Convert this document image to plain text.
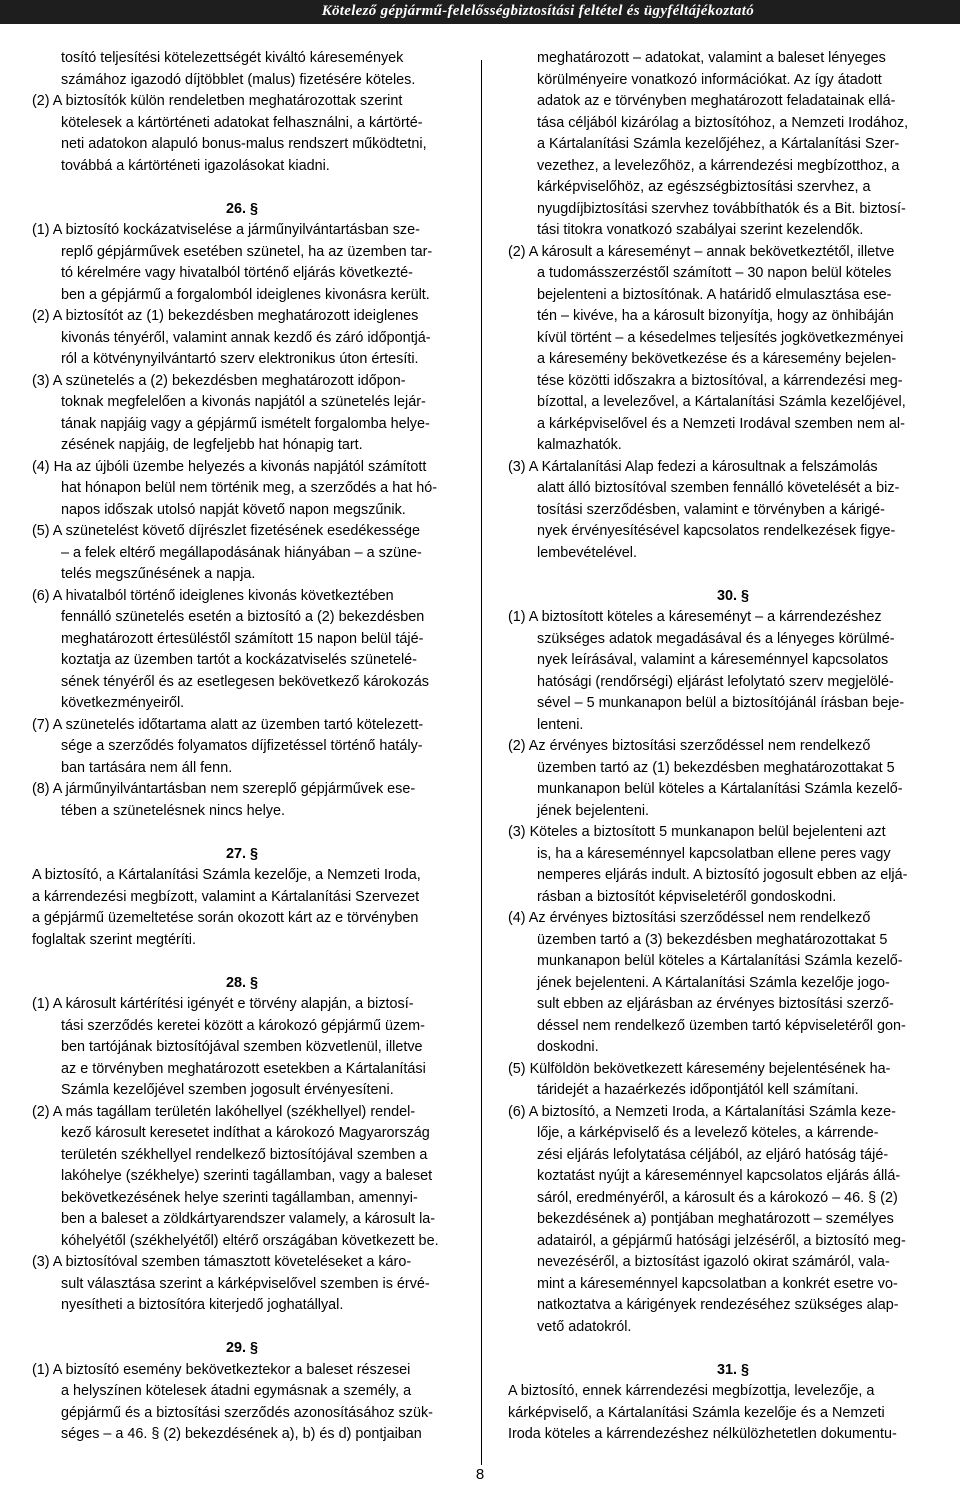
Kötelező gépjármű-felelősségbiztosítási feltétel és ügyféltájékoztató
tosító teljesítési kötelezettségét kiváltó káresemények
számához igazodó díjtöbblet (malus) fizetésére köteles.
(2) A biztosítók külön rendeletben meghatározottak szerint
kötelesek a kártörténeti adatokat felhasználni, a kártörté-
neti adatokon alapuló bonus-malus rendszert működtetni,
továbbá a kártörténeti igazolásokat kiadni.

26. §
(1) A biztosító kockázatviselése a járműnyilvántartásban sze-
replő gépjárművek esetében szünetel, ha az üzemben tar-
tó kérelmére vagy hivatalból történő eljárás következté-
ben a gépjármű a forgalomból ideiglenes kivonásra került.
(2) A biztosítót az (1) bekezdésben meghatározott ideiglenes
kivonás tényéről, valamint annak kezdő és záró időpontjá-
ról a kötvénynyilvántartó szerv elektronikus úton értesíti.
(3) A szünetelés a (2) bekezdésben meghatározott időpon-
toknak megfelelően a kivonás napjától a szünetelés lejár-
tának napjáig vagy a gépjármű ismételt forgalomba helye-
zésének napjáig, de legfeljebb hat hónapig tart.
(4) Ha az újbóli üzembe helyezés a kivonás napjától számított
hat hónapon belül nem történik meg, a szerződés a hat hó-
napos időszak utolsó napját követő napon megszűnik.
(5) A szünetelést követő díjrészlet fizetésének esedékessége
– a felek eltérő megállapodásának hiányában – a szüne-
telés megszűnésének a napja.
(6) A hivatalból történő ideiglenes kivonás következtében
fennálló szünetelés esetén a biztosító a (2) bekezdésben
meghatározott értesüléstől számított 15 napon belül tájé-
koztatja az üzemben tartót a kockázatviselés szünetelé-
sének tényéről és az esetlegesen bekövetkező károkozás
következményeiről.
(7) A szünetelés időtartama alatt az üzemben tartó kötelezett-
sége a szerződés folyamatos díjfizetéssel történő hatály-
ban tartására nem áll fenn.
(8) A járműnyilvántartásban nem szereplő gépjárművek ese-
tében a szünetelésnek nincs helye.

27. §
A biztosító, a Kártalanítási Számla kezelője, a Nemzeti Iroda,
a kárrendezési megbízott, valamint a Kártalanítási Szervezet
a gépjármű üzemeltetése során okozott kárt az e törvényben
foglaltak szerint megtéríti.

28. §
(1) A károsult kártérítési igényét e törvény alapján, a biztosí-
tási szerződés keretei között a károkozó gépjármű üzem-
ben tartójának biztosítójával szemben közvetlenül, illetve
az e törvényben meghatározott esetekben a Kártalanítási
Számla kezelőjével szemben jogosult érvényesíteni.
(2) A más tagállam területén lakóhellyel (székhellyel) rendel-
kező károsult keresetet indíthat a károkozó Magyarország
területén székhellyel rendelkező biztosítójával szemben a
lakóhelye (székhelye) szerinti tagállamban, vagy a baleset
bekövetkezésének helye szerinti tagállamban, amennyi-
ben a baleset a zöldkártyarendszer valamely, a károsult la-
kóhelyétől (székhelyétől) eltérő országában következett be.
(3) A biztosítóval szemben támasztott követeléseket a káro-
sult választása szerint a kárképviselővel szemben is érvé-
nyesítheti a biztosítóra kiterjedő joghatállyal.

29. §
(1) A biztosító esemény bekövetkeztekor a baleset részesei
a helyszínen kötelesek átadni egymásnak a személy, a
gépjármű és a biztosítási szerződés azonosításához szük-
séges – a 46. § (2) bekezdésének a), b) és d) pontjaiban
meghatározott – adatokat, valamint a baleset lényeges
körülményeire vonatkozó információkat. Az így átadott
adatok az e törvényben meghatározott feladatainak ellá-
tása céljából kizárólag a biztosítóhoz, a Nemzeti Irodához,
a Kártalanítási Számla kezelőjéhez, a Kártalanítási Szer-
vezethez, a levelezőhöz, a kárrendezési megbízotthoz, a
kárképviselőhöz, az egészségbiztosítási szervhez, a
nyugdíjbiztosítási szervhez továbbíthatók és a Bit. biztosí-
tási titokra vonatkozó szabályai szerint kezelendők.
(2) A károsult a káreseményt – annak bekövetkeztétől, illetve
a tudomásszerzéstől számított – 30 napon belül köteles
bejelenteni a biztosítónak. A határidő elmulasztása ese-
tén – kivéve, ha a károsult bizonyítja, hogy az önhibáján
kívül történt – a késedelmes teljesítés jogkövetkezményei
a káresemény bekövetkezése és a káresemény bejelen-
tése közötti időszakra a biztosítóval, a kárrendezési meg-
bízottal, a levelezővel, a Kártalanítási Számla kezelőjével,
a kárképviselővel és a Nemzeti Irodával szemben nem al-
kalmazhatók.
(3) A Kártalanítási Alap fedezi a károsultnak a felszámolás
alatt álló biztosítóval szemben fennálló követelését a biz-
tosítási szerződésben, valamint e törvényben a kárigé-
nyek érvényesítésével kapcsolatos rendelkezések figye-
lembevételével.

30. §
(1) A biztosított köteles a káreseményt – a kárrendezéshez
szükséges adatok megadásával és a lényeges körülmé-
nyek leírásával, valamint a káreseménnyel kapcsolatos
hatósági (rendőrségi) eljárást lefolytató szerv megjelölé-
sével – 5 munkanapon belül a biztosítójánál írásban beje-
lenteni.
(2) Az érvényes biztosítási szerződéssel nem rendelkező
üzemben tartó az (1) bekezdésben meghatározottakat 5
munkanapon belül köteles a Kártalanítási Számla kezelő-
jének bejelenteni.
(3) Köteles a biztosított 5 munkanapon belül bejelenteni azt
is, ha a káreseménnyel kapcsolatban ellene peres vagy
nemperes eljárás indult. A biztosító jogosult ebben az eljá-
rásban a biztosítót képviseletéről gondoskodni.
(4) Az érvényes biztosítási szerződéssel nem rendelkező
üzemben tartó a (3) bekezdésben meghatározottakat 5
munkanapon belül köteles a Kártalanítási Számla kezelő-
jének bejelenteni. A Kártalanítási Számla kezelője jogo-
sult ebben az eljárásban az érvényes biztosítási szerző-
déssel nem rendelkező üzemben tartó képviseletéről gon-
doskodni.
(5) Külföldön bekövetkezett káresemény bejelentésének ha-
táridejét a hazaérkezés időpontjától kell számítani.
(6) A biztosító, a Nemzeti Iroda, a Kártalanítási Számla keze-
lője, a kárképviselő és a levelező köteles, a kárrende-
zési eljárás lefolytatása céljából, az eljáró hatóság tájé-
koztatást nyújt a káreseménnyel kapcsolatos eljárás állá-
sáról, eredményéről, a károsult és a károkozó – 46. § (2)
bekezdésének a) pontjában meghatározott – személyes
adatairól, a gépjármű hatósági jelzéséről, a biztosító meg-
nevezéséről, a biztosítást igazoló okirat számáról, vala-
mint a káreseménnyel kapcsolatban a konkrét esetre vo-
natkoztatva a kárigények rendezéséhez szükséges alap-
vető adatokról.

31. §
A biztosító, ennek kárrendezési megbízottja, levelezője, a
kárképviselő, a Kártalanítási Számla kezelője és a Nemzeti
Iroda köteles a kárrendezéshez nélkülözhetetlen dokumentu-
8
